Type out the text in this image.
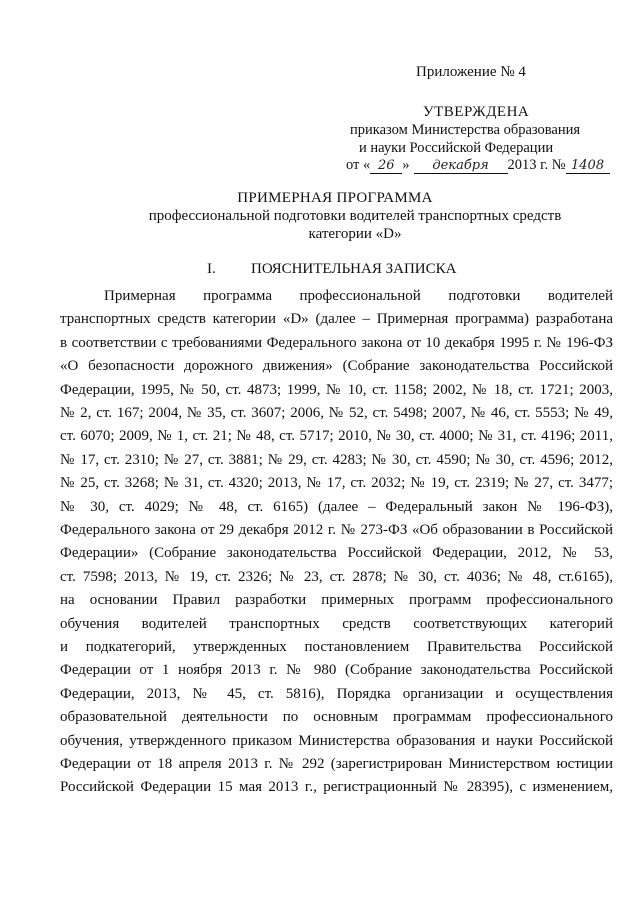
Приложение № 4
УТВЕРЖДЕНА
приказом Министерства образования
и науки Российской Федерации
от « 26 »	декабря	2013 г. № 1408
ПРИМЕРНАЯ ПРОГРАММА
профессиональной подготовки водителей транспортных средств
категории «D»
I. ПОЯСНИТЕЛЬНАЯ ЗАПИСКА
Примерная программа профессиональной подготовки водителей
транспортных средств категории «D» (далее – Примерная программа) разработана
в соответствии с требованиями Федерального закона от 10 декабря 1995 г. № 196-ФЗ
«О безопасности дорожного движения» (Собрание законодательства Российской
Федерации, 1995, № 50, ст. 4873; 1999, № 10, ст. 1158; 2002, № 18, ст. 1721; 2003,
№ 2, ст. 167; 2004, № 35, ст. 3607; 2006, № 52, ст. 5498; 2007, № 46, ст. 5553; № 49,
ст. 6070; 2009, № 1, ст. 21; № 48, ст. 5717; 2010, № 30, ст. 4000; № 31, ст. 4196; 2011,
№ 17, ст. 2310; № 27, ст. 3881; № 29, ст. 4283; № 30, ст. 4590; № 30, ст. 4596; 2012,
№ 25, ст. 3268; № 31, ст. 4320; 2013, № 17, ст. 2032; № 19, ст. 2319; № 27, ст. 3477;
№ 30, ст. 4029; № 48, ст. 6165) (далее – Федеральный закон № 196-ФЗ),
Федерального закона от 29 декабря 2012 г. № 273-ФЗ «Об образовании в Российской
Федерации» (Собрание законодательства Российской Федерации, 2012, № 53,
ст. 7598; 2013, № 19, ст. 2326; № 23, ст. 2878; № 30, ст. 4036; № 48, ст.6165),
на основании Правил разработки примерных программ профессионального
обучения водителей транспортных средств соответствующих категорий
и подкатегорий, утвержденных постановлением Правительства Российской
Федерации от 1 ноября 2013 г. № 980 (Собрание законодательства Российской
Федерации, 2013, № 45, ст. 5816), Порядка организации и осуществления
образовательной деятельности по основным программам профессионального
обучения, утвержденного приказом Министерства образования и науки Российской
Федерации от 18 апреля 2013 г. № 292 (зарегистрирован Министерством юстиции
Российской Федерации 15 мая 2013 г., регистрационный № 28395), с изменением,
